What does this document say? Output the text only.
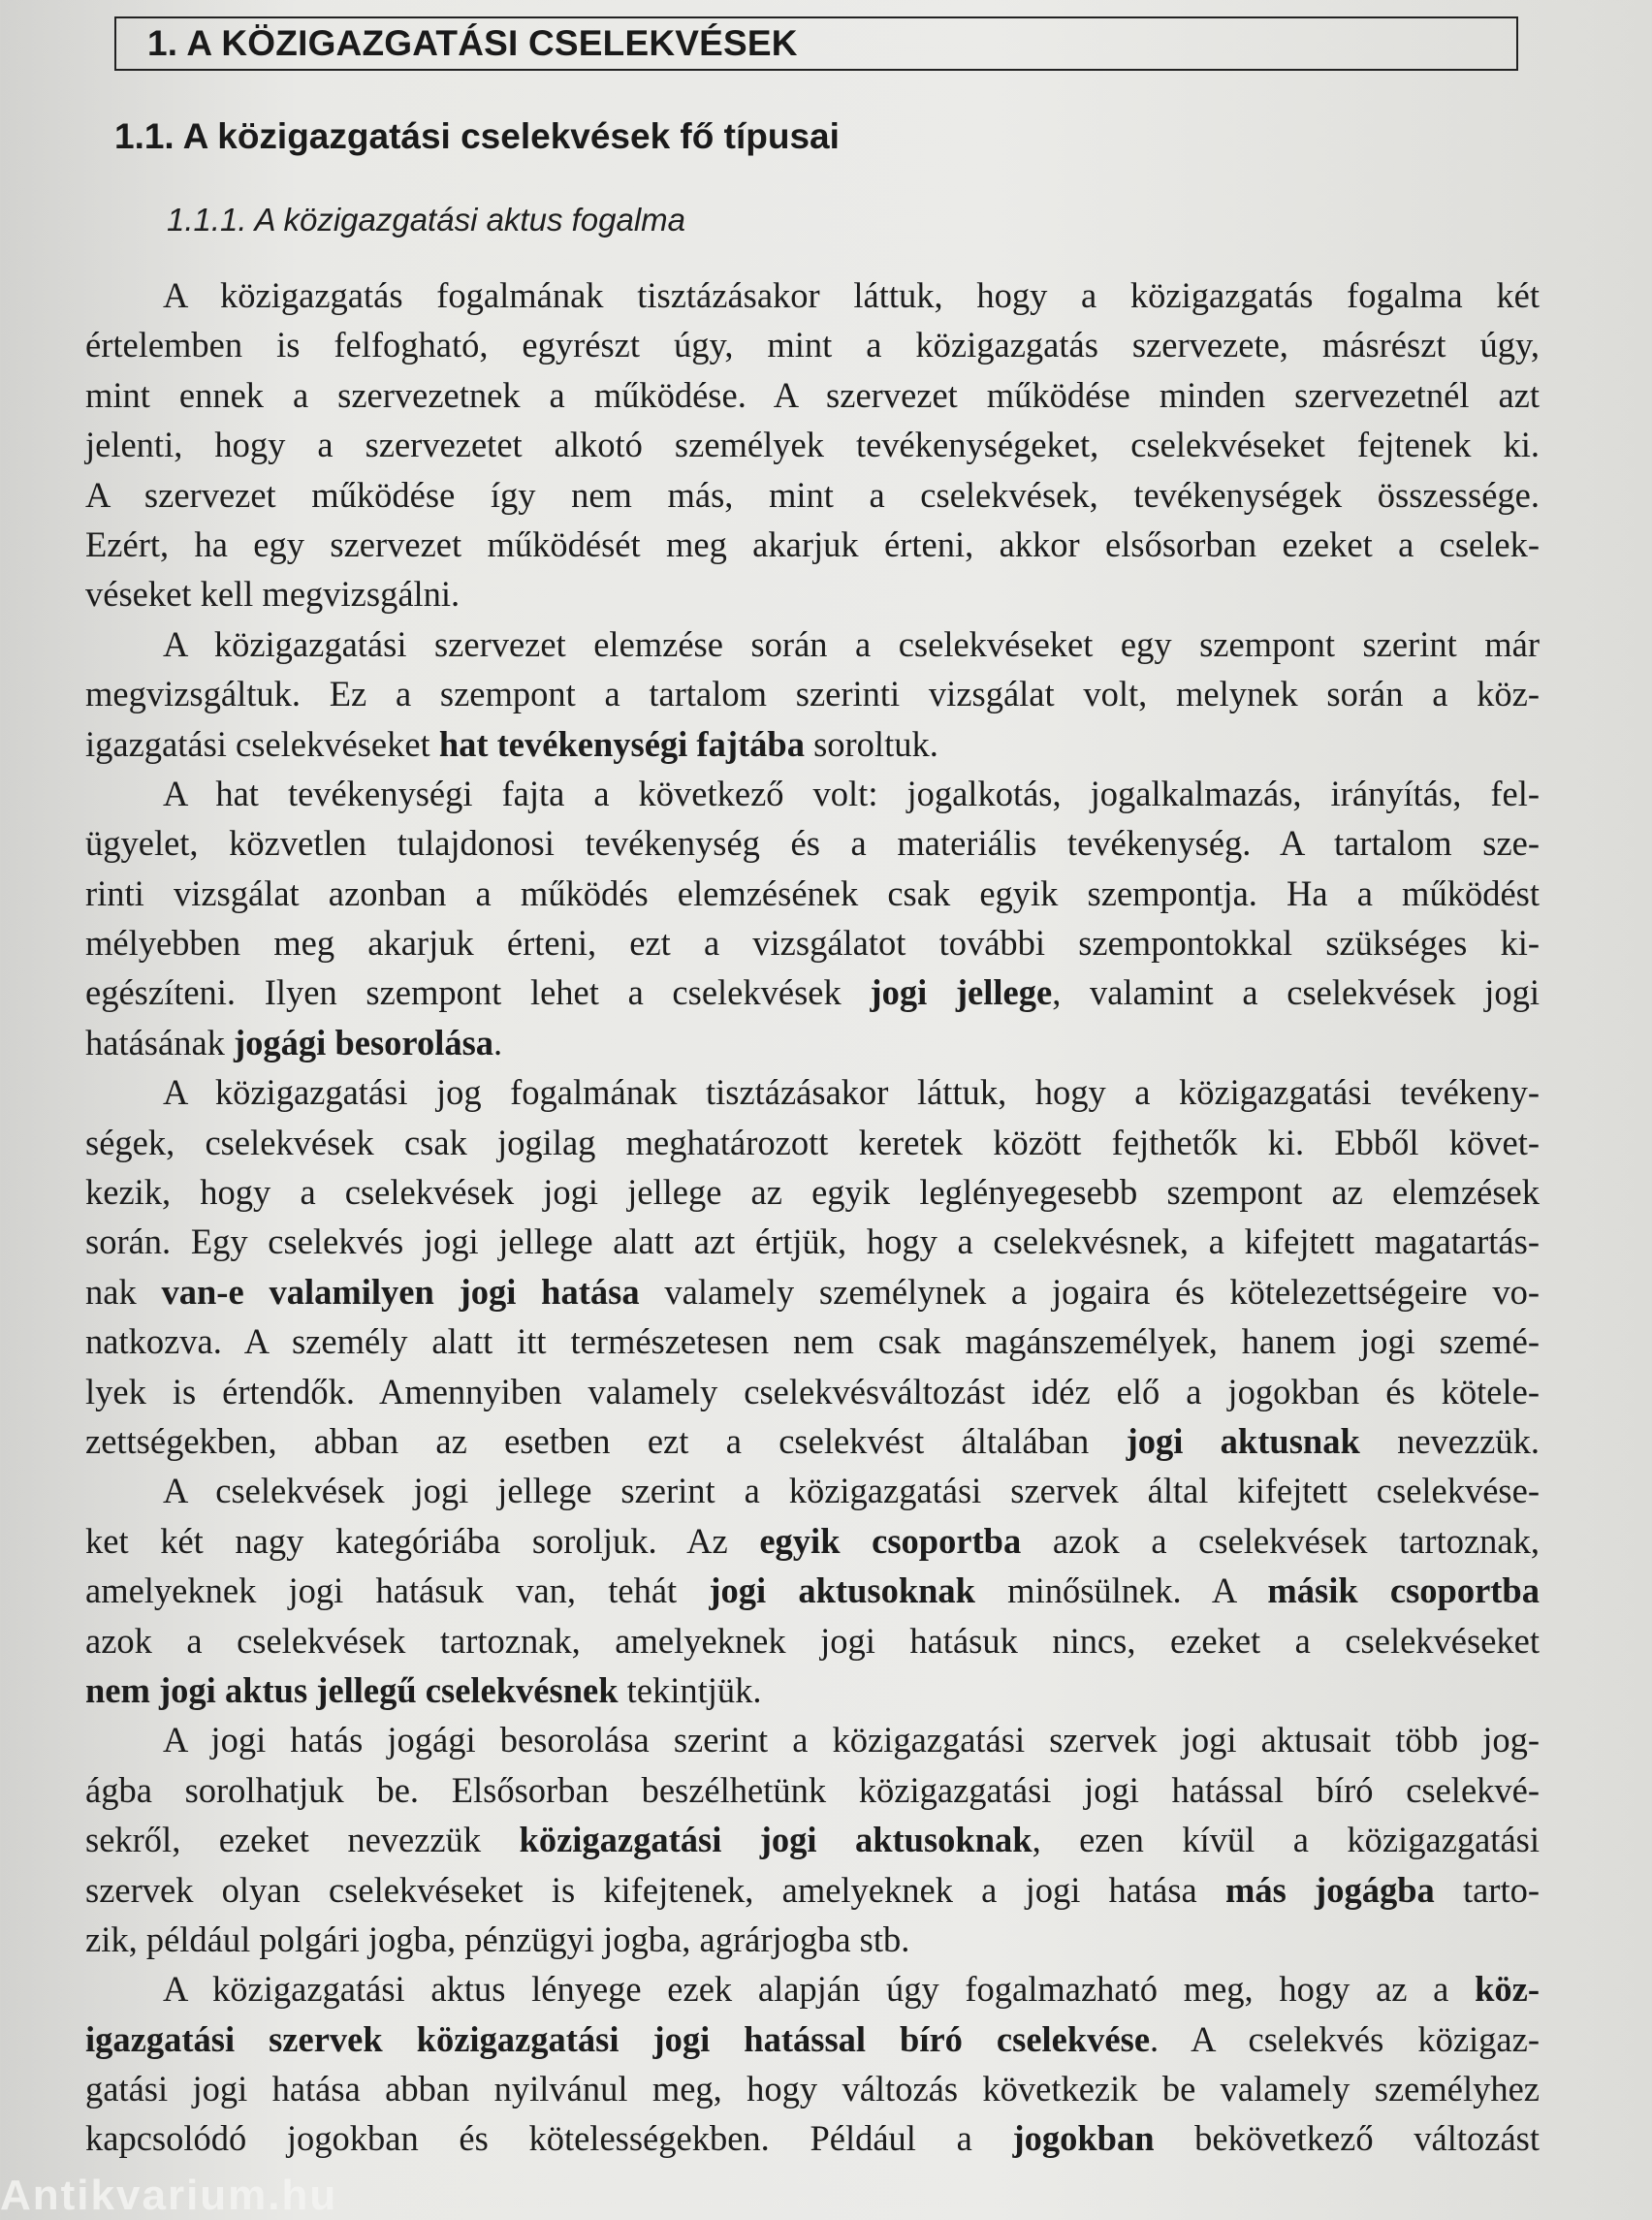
1. A KÖZIGAZGATÁSI CSELEKVÉSEK
1.1. A közigazgatási cselekvések fő típusai
1.1.1. A közigazgatási aktus fogalma
A közigazgatás fogalmának tisztázásakor láttuk, hogy a közigazgatás fogalma két
értelemben is felfogható, egyrészt úgy, mint a közigazgatás szervezete, másrészt úgy,
mint ennek a szervezetnek a működése. A szervezet működése minden szervezetnél azt
jelenti, hogy a szervezetet alkotó személyek tevékenységeket, cselekvéseket fejtenek ki.
A szervezet működése így nem más, mint a cselekvések, tevékenységek összessége.
Ezért, ha egy szervezet működését meg akarjuk érteni, akkor elsősorban ezeket a cselek-
véseket kell megvizsgálni.
A közigazgatási szervezet elemzése során a cselekvéseket egy szempont szerint már
megvizsgáltuk. Ez a szempont a tartalom szerinti vizsgálat volt, melynek során a köz-
igazgatási cselekvéseket hat tevékenységi fajtába soroltuk.
A hat tevékenységi fajta a következő volt: jogalkotás, jogalkalmazás, irányítás, fel-
ügyelet, közvetlen tulajdonosi tevékenység és a materiális tevékenység. A tartalom sze-
rinti vizsgálat azonban a működés elemzésének csak egyik szempontja. Ha a működést
mélyebben meg akarjuk érteni, ezt a vizsgálatot további szempontokkal szükséges ki-
egészíteni. Ilyen szempont lehet a cselekvések jogi jellege, valamint a cselekvések jogi
hatásának jogági besorolása.
A közigazgatási jog fogalmának tisztázásakor láttuk, hogy a közigazgatási tevékeny-
ségek, cselekvések csak jogilag meghatározott keretek között fejthetők ki. Ebből követ-
kezik, hogy a cselekvések jogi jellege az egyik leglényegesebb szempont az elemzések
során. Egy cselekvés jogi jellege alatt azt értjük, hogy a cselekvésnek, a kifejtett magatartás-
nak van-e valamilyen jogi hatása valamely személynek a jogaira és kötelezettségeire vo-
natkozva. A személy alatt itt természetesen nem csak magánszemélyek, hanem jogi szemé-
lyek is értendők. Amennyiben valamely cselekvésváltozást idéz elő a jogokban és kötele-
zettségekben, abban az esetben ezt a cselekvést általában jogi aktusnak nevezzük.
A cselekvések jogi jellege szerint a közigazgatási szervek által kifejtett cselekvése-
ket két nagy kategóriába soroljuk. Az egyik csoportba azok a cselekvések tartoznak,
amelyeknek jogi hatásuk van, tehát jogi aktusoknak minősülnek. A másik csoportba
azok a cselekvések tartoznak, amelyeknek jogi hatásuk nincs, ezeket a cselekvéseket
nem jogi aktus jellegű cselekvésnek tekintjük.
A jogi hatás jogági besorolása szerint a közigazgatási szervek jogi aktusait több jog-
ágba sorolhatjuk be. Elsősorban beszélhetünk közigazgatási jogi hatással bíró cselekvé-
sekről, ezeket nevezzük közigazgatási jogi aktusoknak, ezen kívül a közigazgatási
szervek olyan cselekvéseket is kifejtenek, amelyeknek a jogi hatása más jogágba tarto-
zik, például polgári jogba, pénzügyi jogba, agrárjogba stb.
A közigazgatási aktus lényege ezek alapján úgy fogalmazható meg, hogy az a köz-
igazgatási szervek közigazgatási jogi hatással bíró cselekvése. A cselekvés közigaz-
gatási jogi hatása abban nyilvánul meg, hogy változás következik be valamely személyhez
kapcsolódó jogokban és kötelességekben. Például a jogokban bekövetkező változást
Antikvarium.hu
